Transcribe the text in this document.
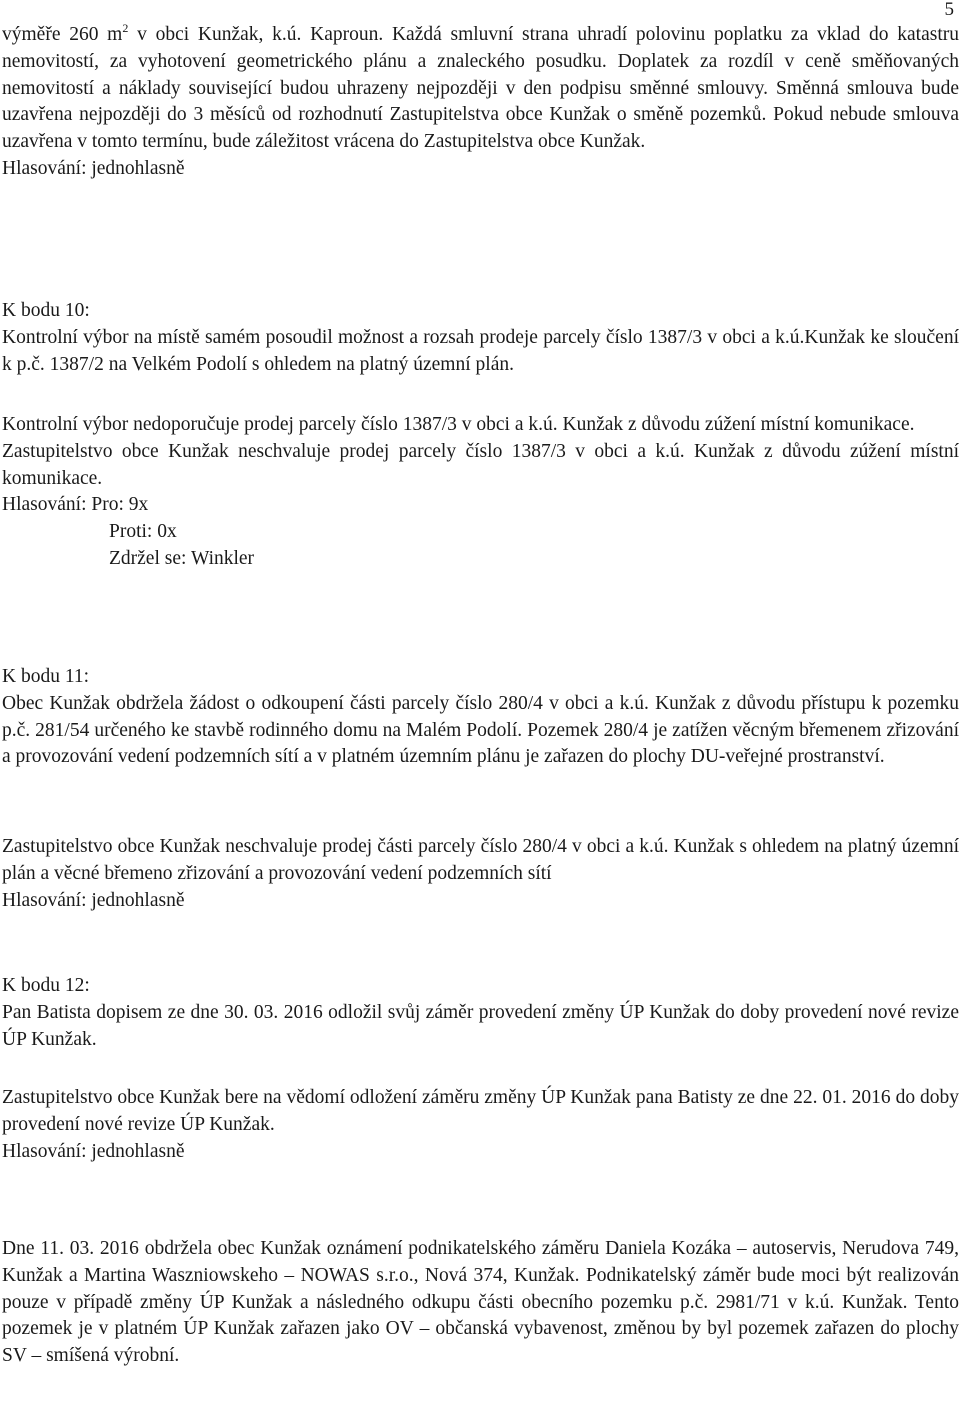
5

výměře 260 $m^2$ v obci Kunžak, k.ú. Kaproun. Každá smluvní strana uhradí polovinu poplatku za vklad do katastru nemovitostí, za vyhotovení geometrického plánu a znaleckého posudku. Doplatek za rozdíl v ceně směňovaných nemovitostí a náklady související budou uhrazeny nejpozději v den podpisu směnné smlouvy. Směnná smlouva bude uzavřena nejpozději do 3 měsíců od rozhodnutí Zastupitelstva obce Kunžak o směně pozemků. Pokud nebude smlouva uzavřena v tomto termínu, bude záležitost vrácena do Zastupitelstva obce Kunžak.

Hlasování: jednohlasně

K bodu 10:

Kontrolní výbor na místě samém posoudil možnost a rozsah prodeje parcely číslo 1387/3 v obci a k.ú.Kunžak ke sloučení k p.č. 1387/2 na Velkém Podolí s ohledem na platný územní plán.

Kontrolní výbor nedoporučuje prodej parcely číslo 1387/3 v obci a k.ú. Kunžak z důvodu zúžení místní komunikace.

Zastupitelstvo obce Kunžak neschvaluje prodej parcely číslo 1387/3 v obci a k.ú. Kunžak z důvodu zúžení místní komunikace.

Hlasování: Pro: 9x

Proti: 0x

Zdržel se: Winkler

K bodu 11:

Obec Kunžak obdržela žádost o odkoupení části parcely číslo 280/4 v obci a k.ú. Kunžak z důvodu přístupu k pozemku p.č. 281/54 určeného ke stavbě rodinného domu na Malém Podolí. Pozemek 280/4 je zatížen věcným břemenem zřizování a provozování vedení podzemních sítí a v platném územním plánu je zařazen do plochy DU-veřejné prostranství.

Zastupitelstvo obce Kunžak neschvaluje prodej části parcely číslo 280/4 v obci a k.ú. Kunžak s ohledem na platný územní plán a věcné břemeno zřizování a provozování vedení podzemních sítí

Hlasování: jednohlasně

K bodu 12:

Pan Batista dopisem ze dne 30. 03. 2016 odložil svůj záměr provedení změny ÚP Kunžak do doby provedení nové revize ÚP Kunžak.

Zastupitelstvo obce Kunžak bere na vědomí odložení záměru změny ÚP Kunžak pana Batisty ze dne 22. 01. 2016 do doby provedení nové revize ÚP Kunžak.

Hlasování: jednohlasně

Dne 11. 03. 2016 obdržela obec Kunžak oznámení podnikatelského záměru Daniela Kozáka – autoservis, Nerudova 749, Kunžak a Martina Waszniowskeho – NOWAS s.r.o., Nová 374, Kunžak. Podnikatelský záměr bude moci být realizován pouze v případě změny ÚP Kunžak a následného odkupu části obecního pozemku p.č. 2981/71 v k.ú. Kunžak. Tento pozemek je v platném ÚP Kunžak zařazen jako OV – občanská vybavenost, změnou by byl pozemek zařazen do plochy SV – smíšená výrobní.
